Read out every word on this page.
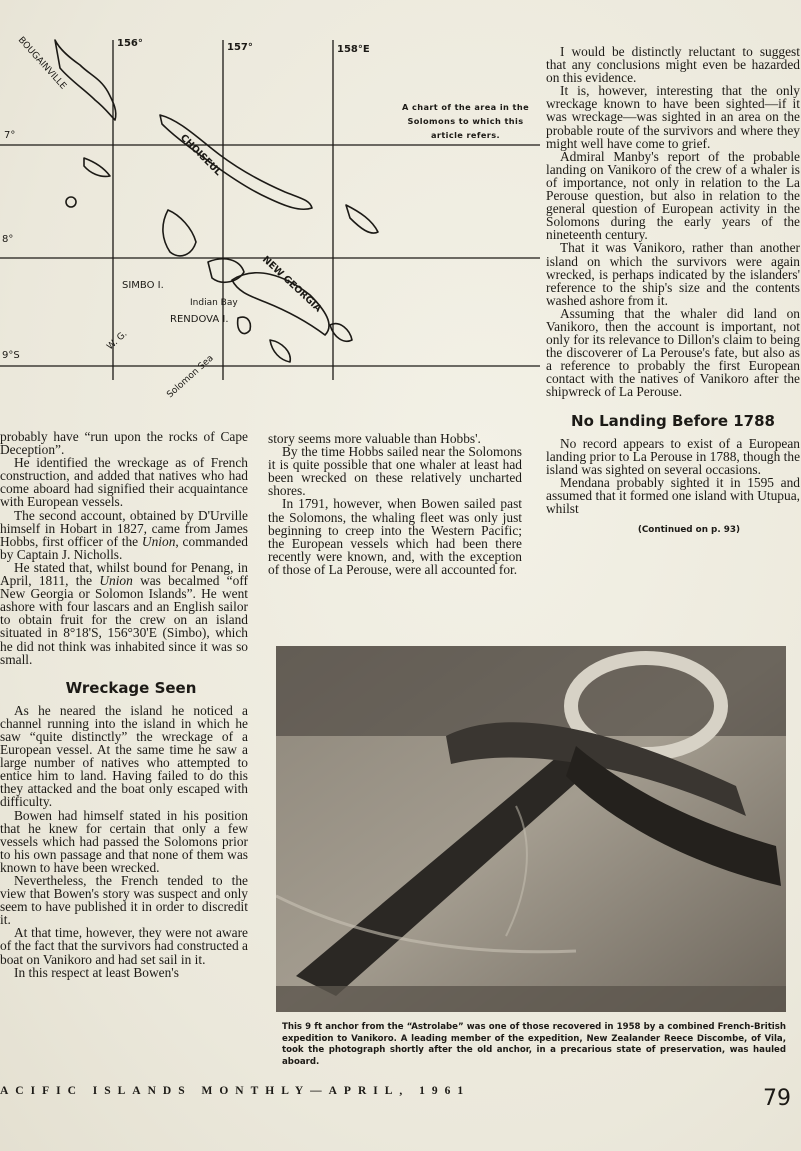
156°	157°	158°E
7°
8°
9°S
BOUGAINVILLE
CHOISEUL
NEW GEORGIA
SIMBO I.
Indian Bay
RENDOVA I.
Solomon Sea
W. G.
A chart of the area in the Solomons to which this article refers.

probably have “run upon the rocks of Cape Deception”.

He identified the wreckage as of French construction, and added that natives who had come aboard had signified their acquaintance with European vessels.

The second account, obtained by D'Urville himself in Hobart in 1827, came from James Hobbs, first officer of the Union, commanded by Captain J. Nicholls.

He stated that, whilst bound for Penang, in April, 1811, the Union was becalmed “off New Georgia or Solomon Islands”. He went ashore with four lascars and an English sailor to obtain fruit for the crew on an island situated in 8°18'S, 156°30'E (Simbo), which he did not think was inhabited since it was so small.

Wreckage Seen

As he neared the island he noticed a channel running into the island in which he saw “quite distinctly” the wreckage of a European vessel. At the same time he saw a large number of natives who attempted to entice him to land. Having failed to do this they attacked and the boat only escaped with difficulty.

Bowen had himself stated in his position that he knew for certain that only a few vessels which had passed the Solomons prior to his own passage and that none of them was known to have been wrecked.

Nevertheless, the French tended to the view that Bowen's story was suspect and only seem to have published it in order to discredit it.

At that time, however, they were not aware of the fact that the survivors had constructed a boat on Vanikoro and had set sail in it.

In this respect at least Bowen's

story seems more valuable than Hobbs'.

By the time Hobbs sailed near the Solomons it is quite possible that one whaler at least had been wrecked on these relatively uncharted shores.

In 1791, however, when Bowen sailed past the Solomons, the whaling fleet was only just beginning to creep into the Western Pacific; the European vessels which had been there recently were known, and, with the exception of those of La Perouse, were all accounted for.

I would be distinctly reluctant to suggest that any conclusions might even be hazarded on this evidence.

It is, however, interesting that the only wreckage known to have been sighted—if it was wreckage—was sighted in an area on the probable route of the survivors and where they might well have come to grief.

Admiral Manby's report of the probable landing on Vanikoro of the crew of a whaler is of importance, not only in relation to the La Perouse question, but also in relation to the general question of European activity in the Solomons during the early years of the nineteenth century.

That it was Vanikoro, rather than another island on which the survivors were again wrecked, is perhaps indicated by the islanders' reference to the ship's size and the contents washed ashore from it.

Assuming that the whaler did land on Vanikoro, then the account is important, not only for its relevance to Dillon's claim to being the discoverer of La Perouse's fate, but also as a reference to probably the first European contact with the natives of Vanikoro after the shipwreck of La Perouse.

No Landing Before 1788

No record appears to exist of a European landing prior to La Perouse in 1788, though the island was sighted on several occasions.

Mendana probably sighted it in 1595 and assumed that it formed one island with Utupua, whilst

(Continued on p. 93)
This 9 ft anchor from the “Astrolabe” was one of those recovered in 1958 by a combined French-British expedition to Vanikoro. A leading member of the expedition, New Zealander Reece Discombe, of Vila, took the photograph shortly after the old anchor, in a precarious state of preservation, was hauled aboard.
ACIFIC ISLANDS MONTHLY—APRIL, 1961	79
